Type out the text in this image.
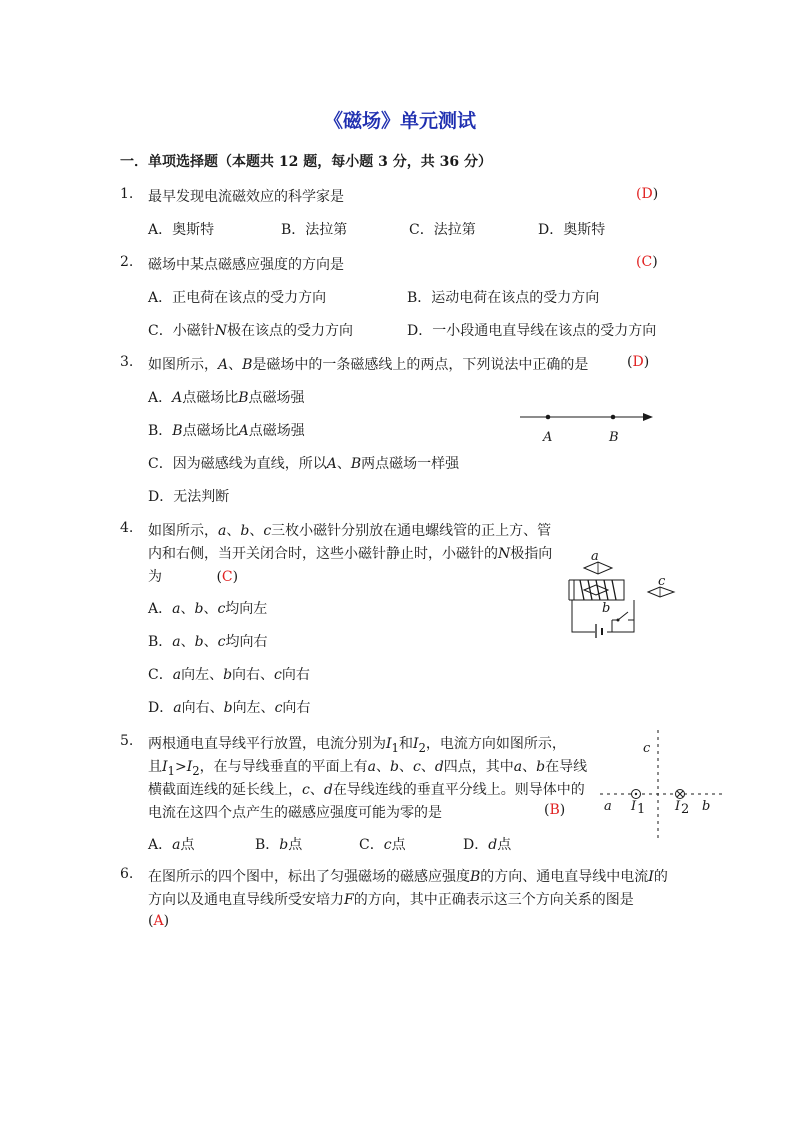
《磁场》单元测试
一．单项选择题（本题共 12 题，每小题 3 分，共 36 分）
1.	最早发现电流磁效应的科学家是	(D)
A．奥斯特	B．法拉第	C．法拉第	D．奥斯特
2.	磁场中某点磁感应强度的方向是	(C)
A．正电荷在该点的受力方向	B．运动电荷在该点的受力方向
C．小磁针N极在该点的受力方向	D．一小段通电直导线在该点的受力方向
3.	如图所示，A、B是磁场中的一条磁感线上的两点，下列说法中正确的是	(D)
A．A点磁场比B点磁场强
B．B点磁场比A点磁场强
C．因为磁感线为直线，所以A、B两点磁场一样强
D．无法判断
A	B
4.	如图所示，a、b、c三枚小磁针分别放在通电螺线管的正上方、管
内和右侧，当开关闭合时，这些小磁针静止时，小磁针的N极指向
为	(C)
A．a、b、c均向左
B．a、b、c均向右
C．a向左、b向右、c向右
D．a向右、b向左、c向右
a
b
c
5.	两根通电直导线平行放置，电流分别为$I_1$和$I_2$，电流方向如图所示，
且$I_1>I_2$，在与导线垂直的平面上有a、b、c、d四点，其中a、b在导线
横截面连线的延长线上，c、d在导线连线的垂直平分线上。则导体中的
电流在这四个点产生的磁感应强度可能为零的是	(B)
A．a点	B．b点	C．c点	D．d点
c
a	b
I 1 I 2
6.	在图所示的四个图中，标出了匀强磁场的磁感应强度B的方向、通电直导线中电流I的
方向以及通电直导线所受安培力F的方向，其中正确表示这三个方向关系的图是
(A)
